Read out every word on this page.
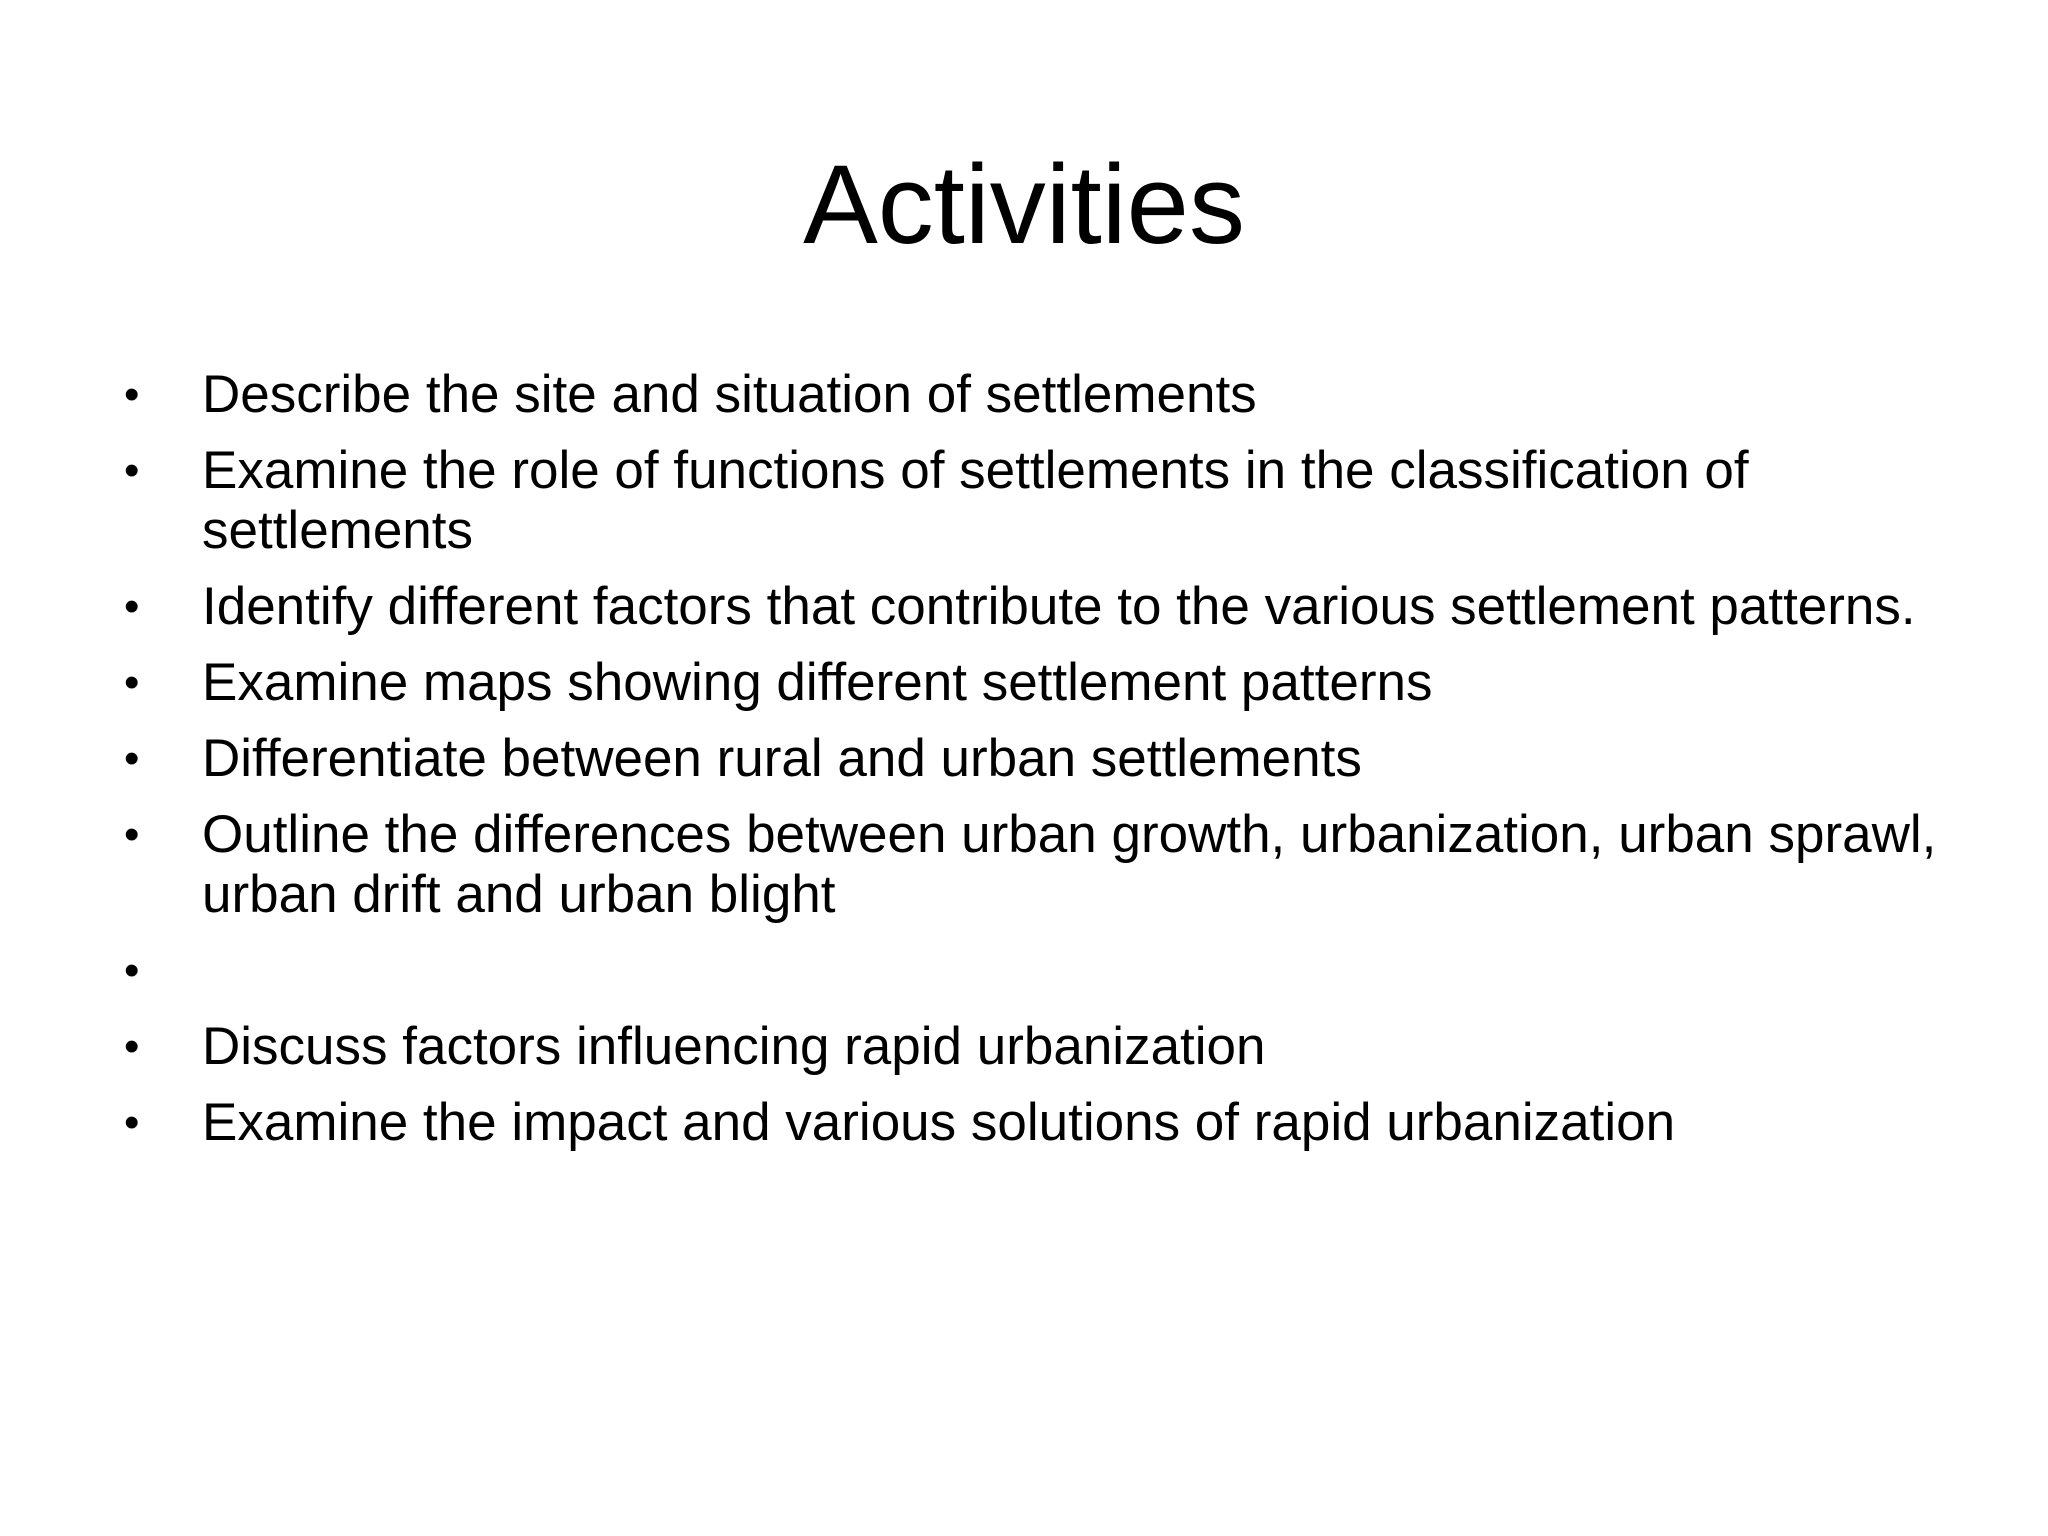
Activities
• Describe the site and situation of settlements
• Examine the role of functions of settlements in the classification of settlements
• Identify different factors that contribute to the various settlement patterns.
• Examine maps showing different settlement patterns
• Differentiate between rural and urban settlements
• Outline the differences between urban growth, urbanization, urban sprawl, urban drift and urban blight
•
• Discuss factors influencing rapid urbanization
• Examine the impact and various solutions of rapid urbanization
